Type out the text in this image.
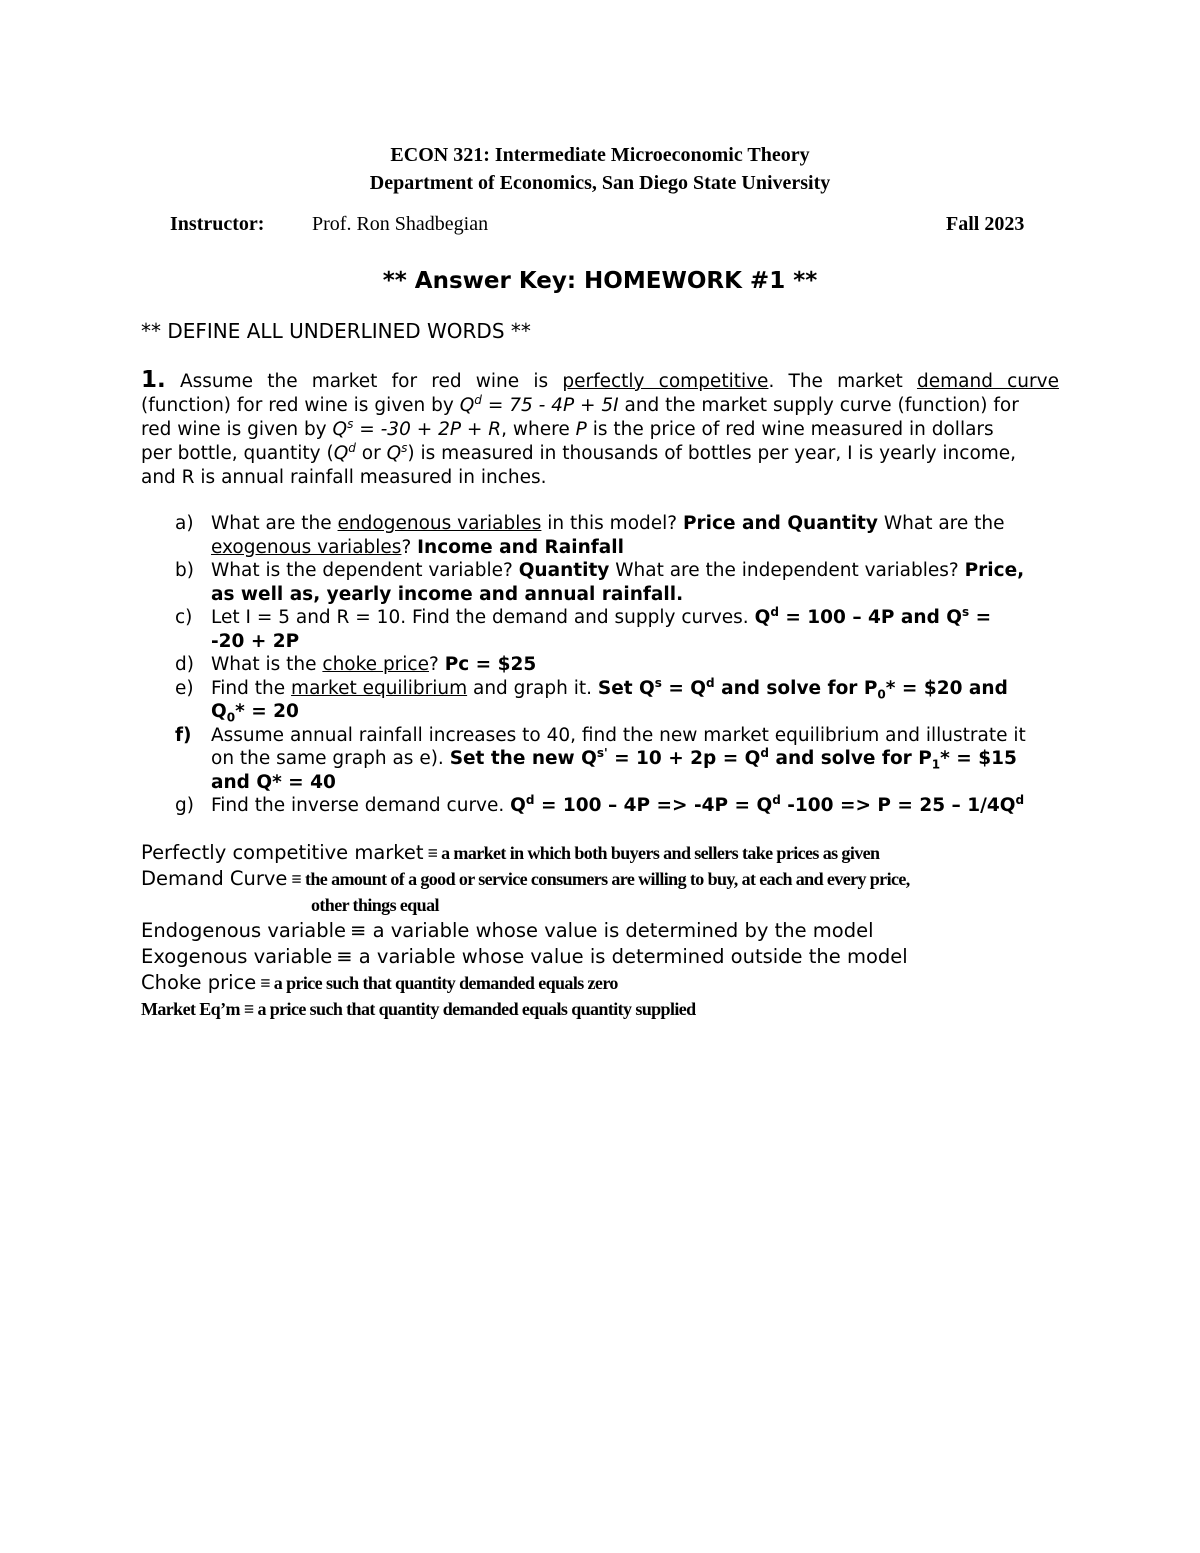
ECON 321: Intermediate Microeconomic Theory
Department of Economics, San Diego State University
Instructor: Prof. Ron Shadbegian	Fall 2023
** Answer Key: HOMEWORK #1 **
** DEFINE ALL UNDERLINED WORDS **
1. Assume the market for red wine is perfectly competitive. The market demand curve
(function) for red wine is given by $Q^d = 75 - 4P + 5I$ and the market supply curve (function) for
red wine is given by $Q^s = -30 + 2P + R$, where P is the price of red wine measured in dollars
per bottle, quantity ($Q^d$ or $Q^s$) is measured in thousands of bottles per year, I is yearly income,
and R is annual rainfall measured in inches.
a) What are the endogenous variables in this model? Price and Quantity What are the
exogenous variables? Income and Rainfall
b) What is the dependent variable? Quantity What are the independent variables? Price,
as well as, yearly income and annual rainfall.
c) Let I = 5 and R = 10. Find the demand and supply curves. $Q^d = 100 - 4P$ and $Q^s$ =
-20 + 2P
d) What is the choke price? Pc = $25
e) Find the market equilibrium and graph it. Set $Q^s = Q^d$ and solve for $P_0*$ = $20 and
$Q_0* = 20$
f) Assume annual rainfall increases to 40, find the new market equilibrium and illustrate it
on the same graph as e). Set the new $Q^{s'} = 10 + 2p = Q^d$ and solve for $P_1*$ = $15
and Q* = 40
g) Find the inverse demand curve. $Q^d = 100 - 4P => -4P = Q^d$ $-100 => P = 25 - 1/4Q^d$
Perfectly competitive market ≡ a market in which both buyers and sellers take prices as given
Demand Curve ≡ the amount of a good or service consumers are willing to buy, at each and every price,
other things equal
Endogenous variable ≡ a variable whose value is determined by the model
Exogenous variable ≡ a variable whose value is determined outside the model
Choke price ≡ a price such that quantity demanded equals zero
Market Eq’m ≡ a price such that quantity demanded equals quantity supplied
